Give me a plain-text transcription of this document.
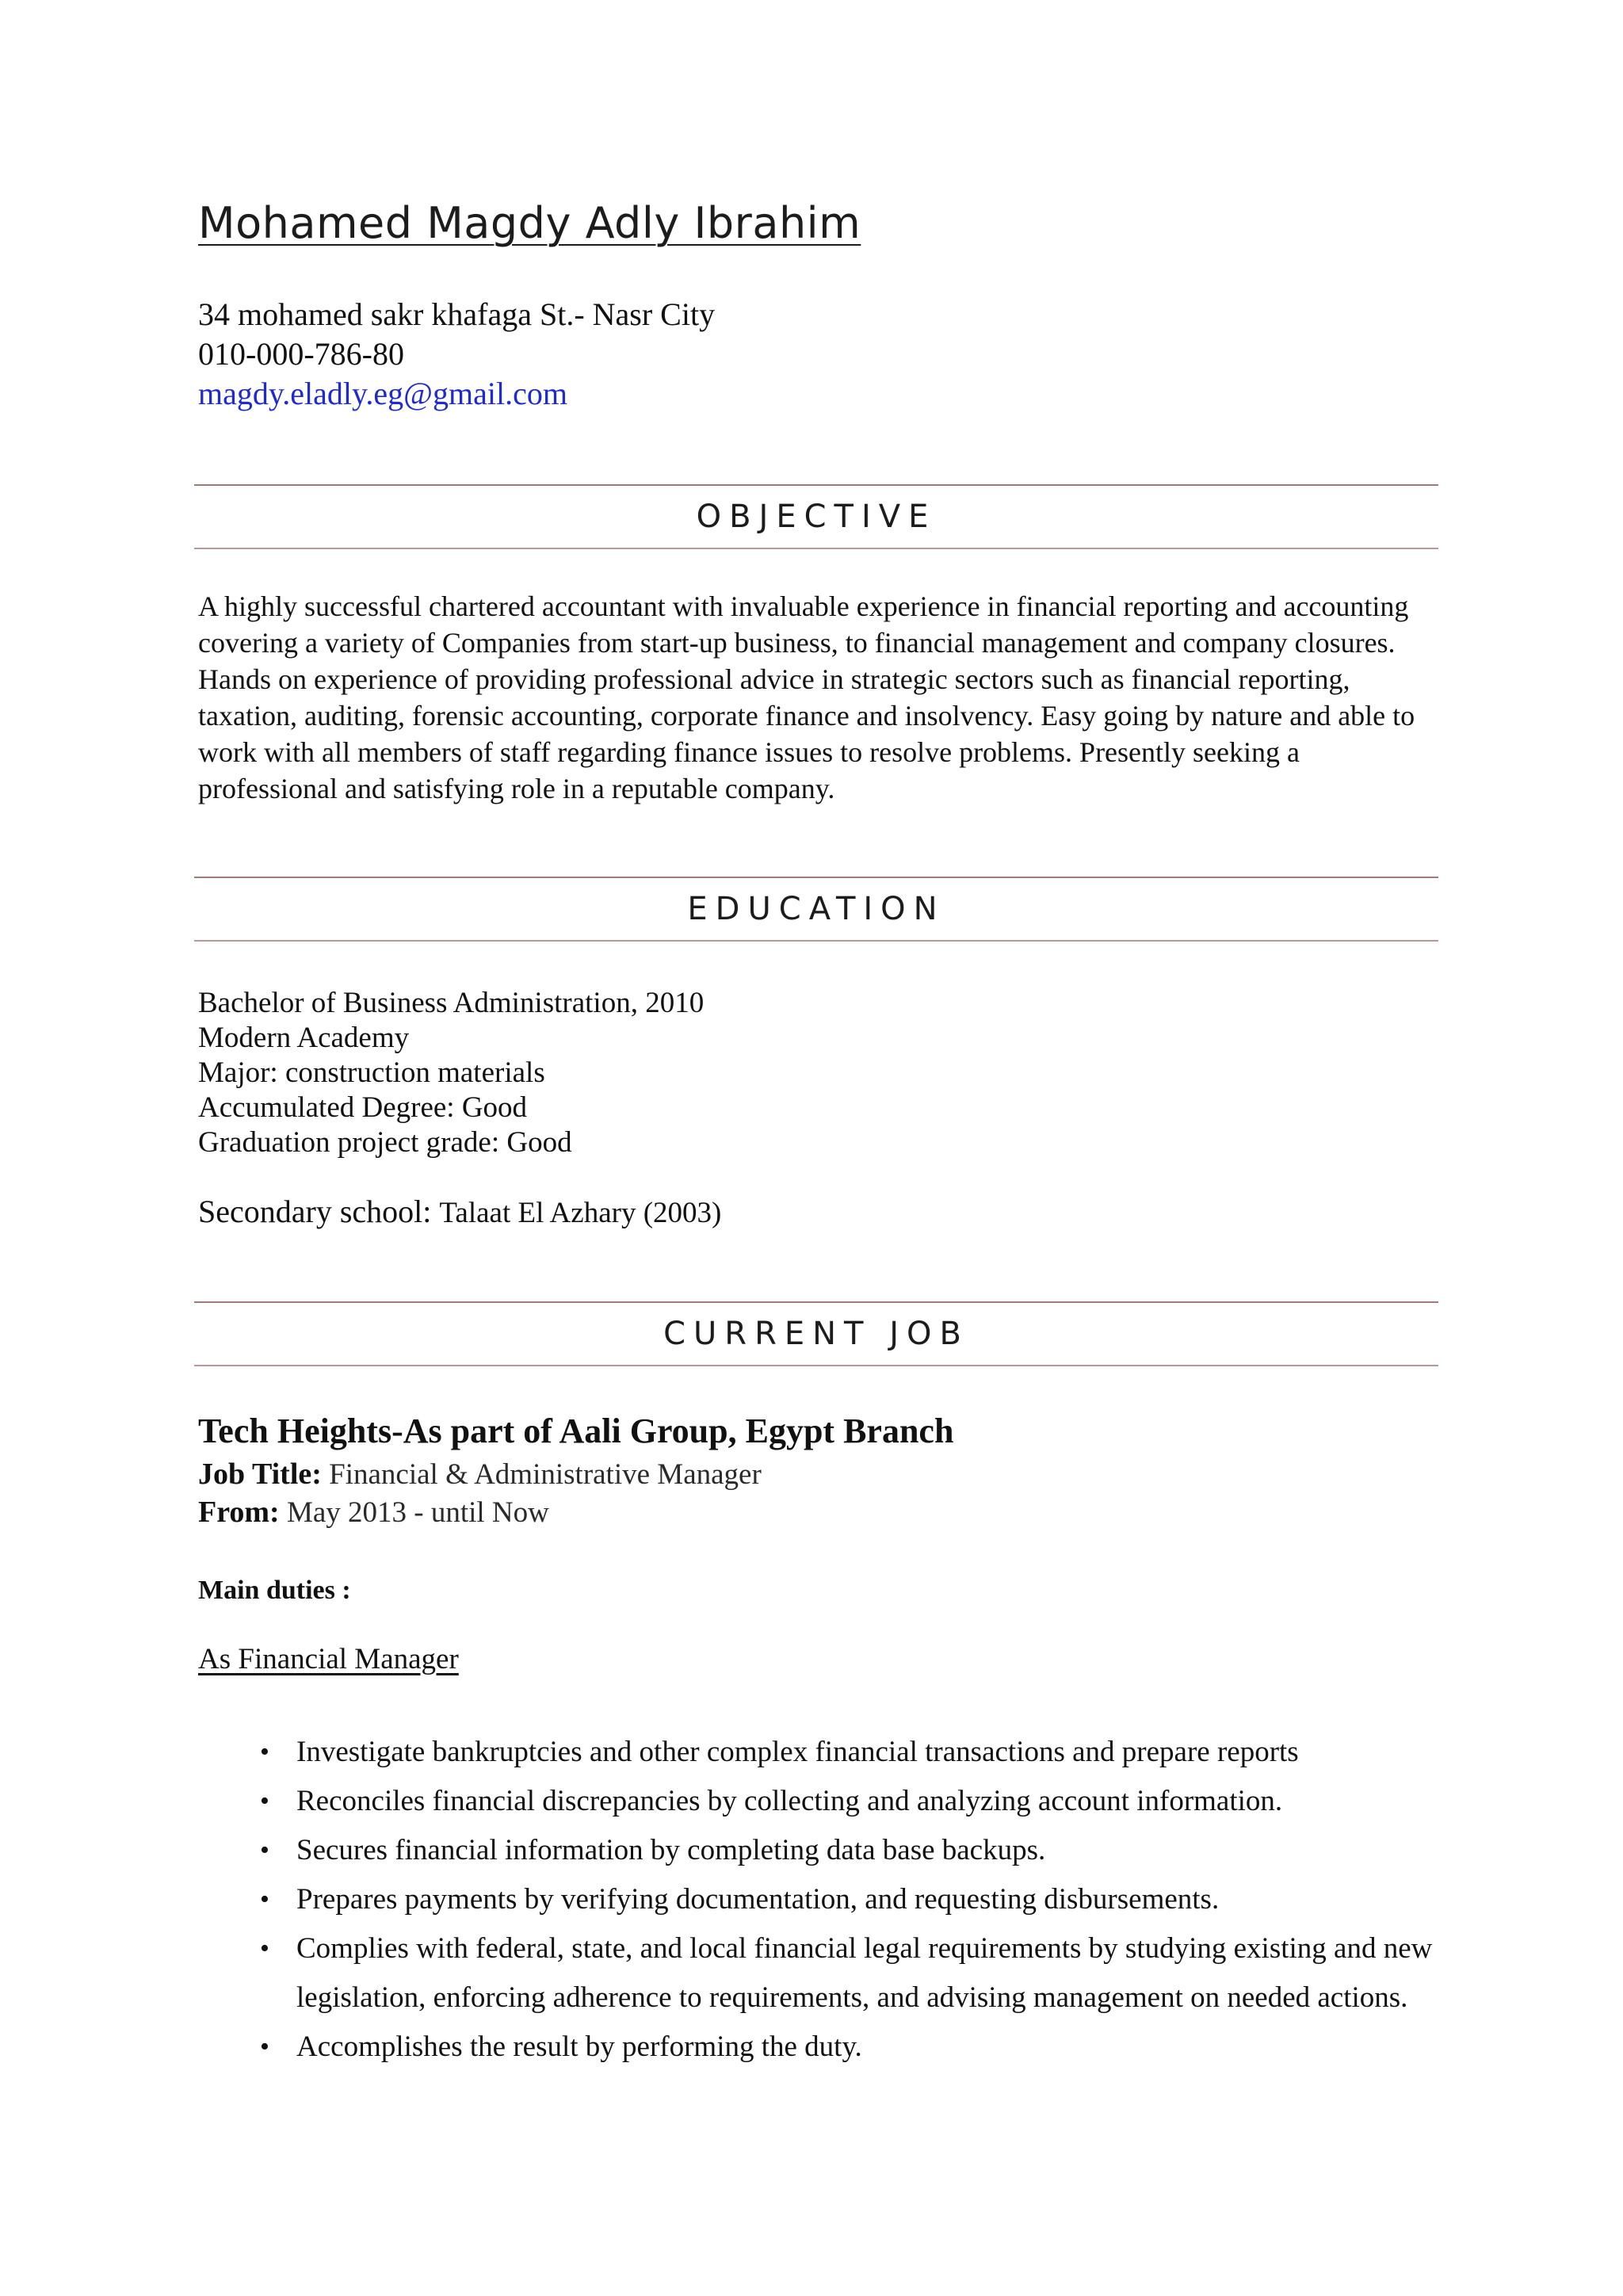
Mohamed Magdy Adly Ibrahim
34 mohamed sakr khafaga St.- Nasr City
010-000-786-80
magdy.eladly.eg@gmail.com
OBJECTIVE

A highly successful chartered accountant with invaluable experience in financial reporting and accounting covering a variety of Companies from start-up business, to financial management and company closures. Hands on experience of providing professional advice in strategic sectors such as financial reporting, taxation, auditing, forensic accounting, corporate finance and insolvency. Easy going by nature and able to work with all members of staff regarding finance issues to resolve problems. Presently seeking a professional and satisfying role in a reputable company.

EDUCATION
Bachelor of Business Administration, 2010
Modern Academy
Major: construction materials
Accumulated Degree: Good
Graduation project grade: Good
Secondary school: Talaat El Azhary (2003)
CURRENT JOB
Tech Heights-As part of Aali Group, Egypt Branch
Job Title: Financial & Administrative Manager
From: May 2013 - until Now
Main duties :
As Financial Manager
• Investigate bankruptcies and other complex financial transactions and prepare reports
• Reconciles financial discrepancies by collecting and analyzing account information.
• Secures financial information by completing data base backups.
• Prepares payments by verifying documentation, and requesting disbursements.
• Complies with federal, state, and local financial legal requirements by studying existing and new legislation, enforcing adherence to requirements, and advising management on needed actions.
• Accomplishes the result by performing the duty.
